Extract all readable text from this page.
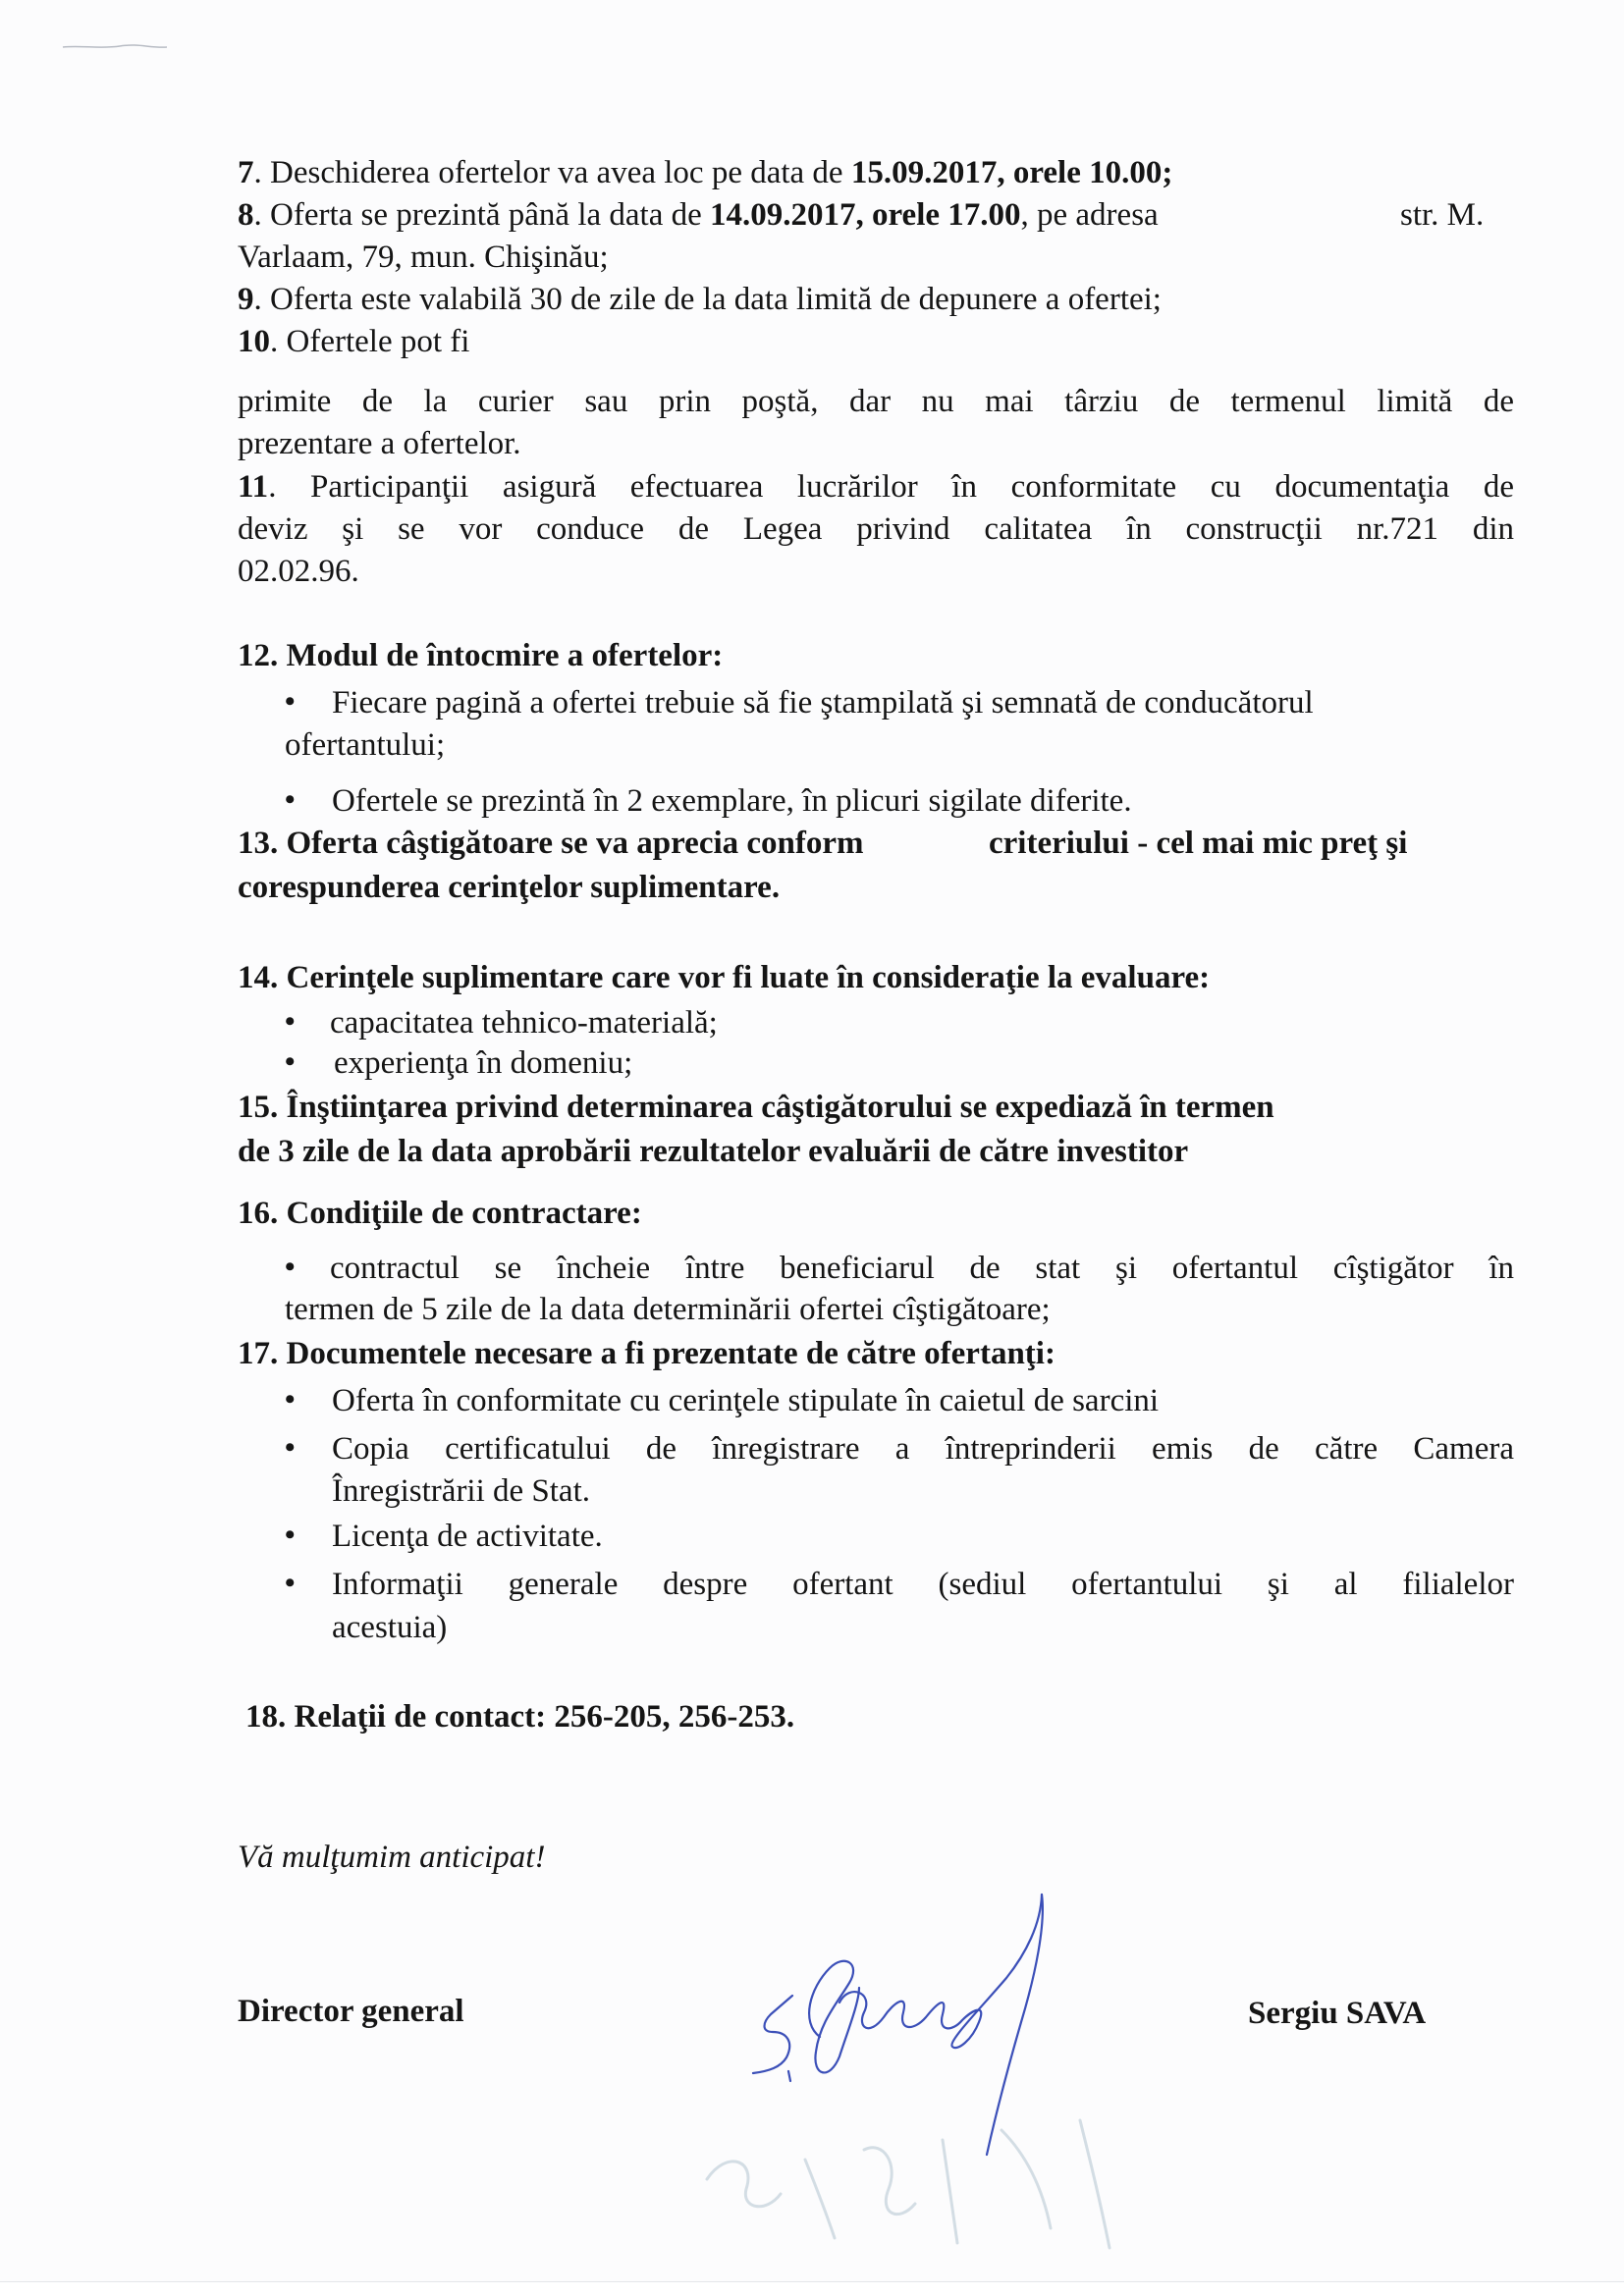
7. Deschiderea ofertelor va avea loc pe data de 15.09.2017, orele 10.00;
8. Oferta se prezintă până la data de 14.09.2017, orele 17.00, pe adresa	str. M.
Varlaam, 79, mun. Chişinău;
9. Oferta este valabilă 30 de zile de la data limită de depunere a ofertei;
10. Ofertele pot fi
primite de la curier sau prin poştă, dar nu mai târziu de termenul limită de
prezentare a ofertelor.
11. Participanţii asigură efectuarea lucrărilor în conformitate cu documentaţia de
deviz şi se vor conduce de Legea privind calitatea în construcţii nr.721 din
02.02.96.
12. Modul de întocmire a ofertelor:
• Fiecare pagină a ofertei trebuie să fie ştampilată şi semnată de conducătorul
ofertantului;
• Ofertele se prezintă în 2 exemplare, în plicuri sigilate diferite.
13. Oferta câştigătoare se va aprecia conform	criteriului - cel mai mic preţ şi
corespunderea cerinţelor suplimentare.
14. Cerinţele suplimentare care vor fi luate în consideraţie la evaluare:
• capacitatea tehnico-materială;
• experienţa în domeniu;
15. Înştiinţarea privind determinarea câştigătorului se expediază în termen
de 3 zile de la data aprobării rezultatelor evaluării de către investitor
16. Condiţiile de contractare:
• contractul se încheie între beneficiarul de stat şi ofertantul cîştigător în
termen de 5 zile de la data determinării ofertei cîştigătoare;
17. Documentele necesare a fi prezentate de către ofertanţi:
• Oferta în conformitate cu cerinţele stipulate în caietul de sarcini
• Copia certificatului de înregistrare a întreprinderii emis de către Camera
Înregistrării de Stat.
• Licenţa de activitate.
• Informaţii generale despre ofertant (sediul ofertantului şi al filialelor
acestuia)
18. Relaţii de contact: 256-205, 256-253.
Vă mulţumim anticipat!
Director general	Sergiu SAVA
